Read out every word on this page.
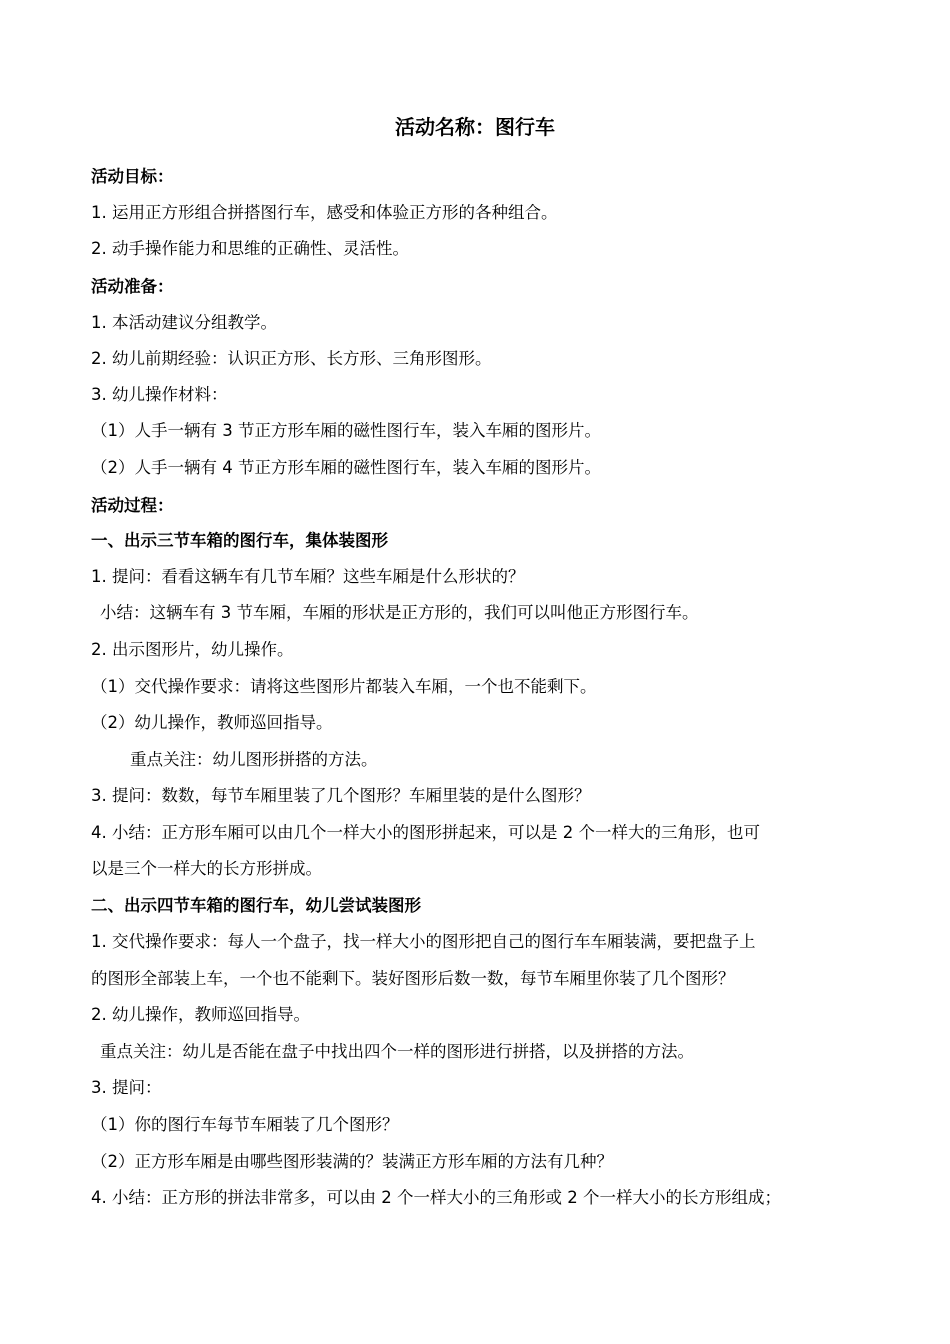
活动名称：图行车
活动目标：
1. 运用正方形组合拼搭图行车，感受和体验正方形的各种组合。
2. 动手操作能力和思维的正确性、灵活性。
活动准备：
1. 本活动建议分组教学。
2. 幼儿前期经验：认识正方形、长方形、三角形图形。
3. 幼儿操作材料：
（1）人手一辆有 3 节正方形车厢的磁性图行车，装入车厢的图形片。
（2）人手一辆有 4 节正方形车厢的磁性图行车，装入车厢的图形片。
活动过程：
一、出示三节车箱的图行车，集体装图形
1. 提问：看看这辆车有几节车厢？这些车厢是什么形状的？
小结：这辆车有 3 节车厢，车厢的形状是正方形的，我们可以叫他正方形图行车。
2. 出示图形片，幼儿操作。
（1）交代操作要求：请将这些图形片都装入车厢，一个也不能剩下。
（2）幼儿操作，教师巡回指导。
重点关注：幼儿图形拼搭的方法。
3. 提问：数数，每节车厢里装了几个图形？车厢里装的是什么图形？
4. 小结：正方形车厢可以由几个一样大小的图形拼起来，可以是 2 个一样大的三角形，也可
以是三个一样大的长方形拼成。
二、出示四节车箱的图行车，幼儿尝试装图形
1. 交代操作要求：每人一个盘子，找一样大小的图形把自己的图行车车厢装满，要把盘子上
的图形全部装上车，一个也不能剩下。装好图形后数一数，每节车厢里你装了几个图形？
2. 幼儿操作，教师巡回指导。
重点关注：幼儿是否能在盘子中找出四个一样的图形进行拼搭，以及拼搭的方法。
3. 提问：
（1）你的图行车每节车厢装了几个图形？
（2）正方形车厢是由哪些图形装满的？装满正方形车厢的方法有几种？
4. 小结：正方形的拼法非常多，可以由 2 个一样大小的三角形或 2 个一样大小的长方形组成；
